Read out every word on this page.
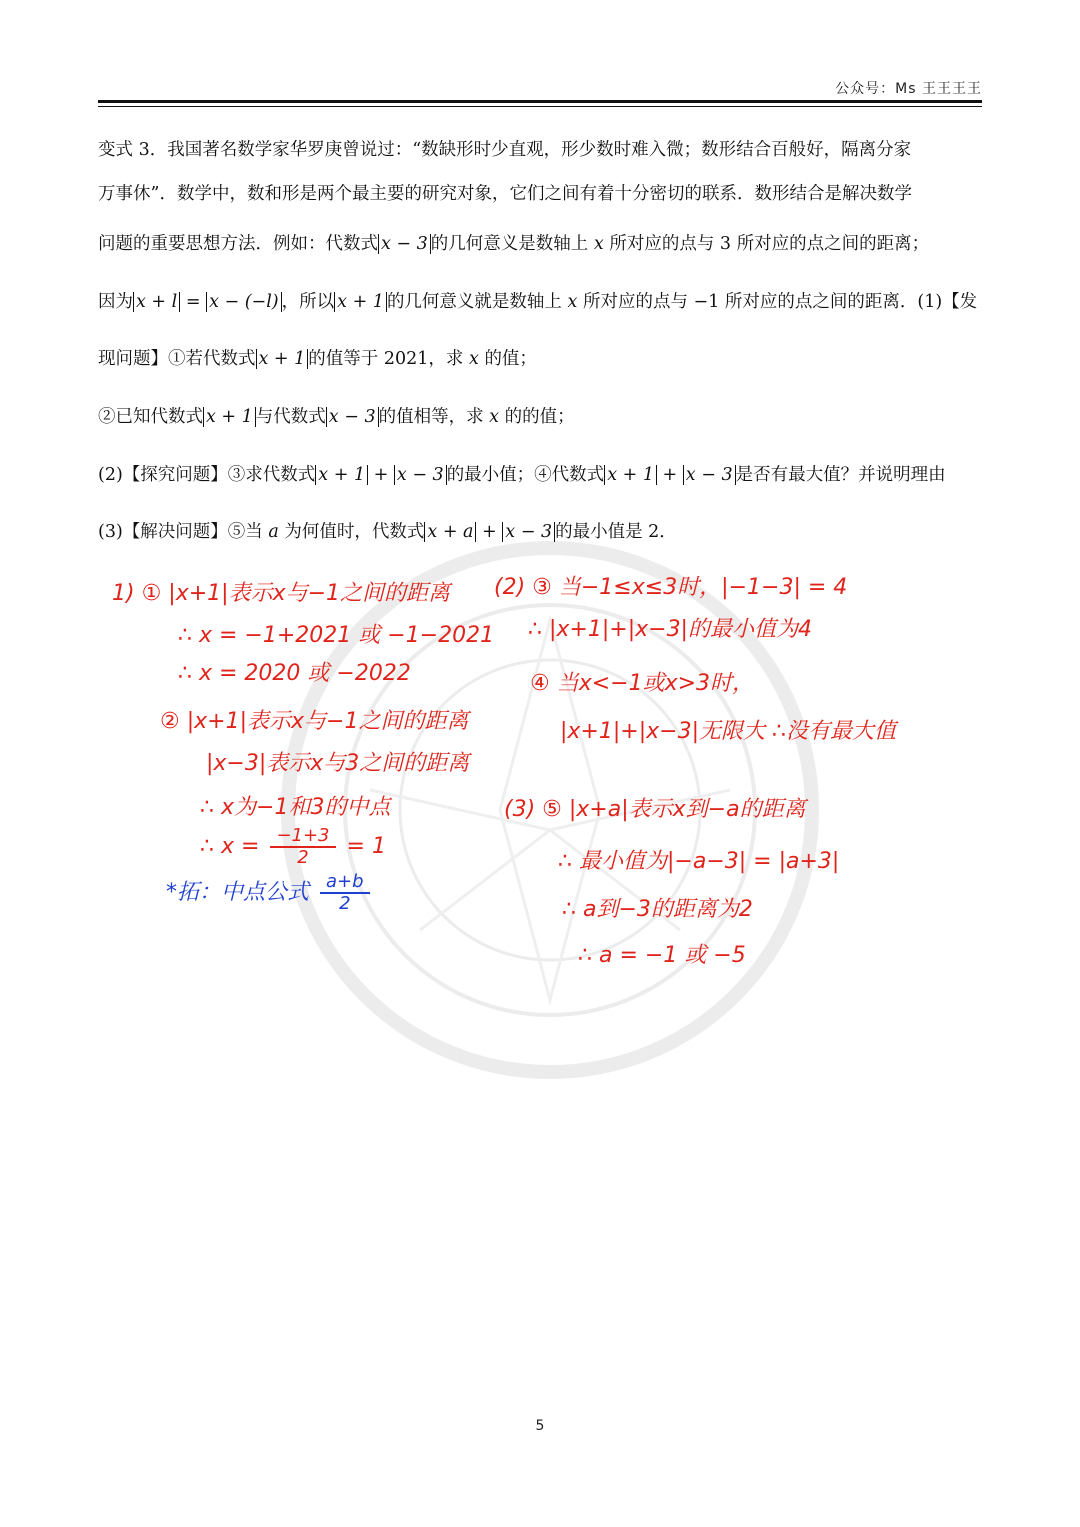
公众号：Ms 王王王王
变式 3．我国著名数学家华罗庚曾说过：“数缺形时少直观，形少数时难入微；数形结合百般好，隔离分家
万事休”．数学中，数和形是两个最主要的研究对象，它们之间有着十分密切的联系．数形结合是解决数学
问题的重要思想方法．例如：代数式 x − 3 的几何意义是数轴上 x 所对应的点与 3 所对应的点之间的距离；
因为 x + l = x − (−l) ，所以 x + 1 的几何意义就是数轴上 x 所对应的点与 −1 所对应的点之间的距离．(1)【发
现问题】①若代数式 x + 1 的值等于 2021，求 x 的值；
②已知代数式 x + 1 与代数式 x − 3 的值相等，求 x 的的值；
(2)【探究问题】③求代数式 x + 1 + x − 3 的最小值；④代数式 x + 1 + x − 3 是否有最大值？并说明理由
(3)【解决问题】⑤当 a 为何值时，代数式 x + a + x − 3 的最小值是 2．
1) ① |x+1|表示x与−1之间的距离
∴ x = −1+2021 或 −1−2021
∴ x = 2020 或 −2022
② |x+1|表示x与−1之间的距离
|x−3|表示x与3之间的距离
∴ x为−1和3的中点
∴ $x = \frac{-1+3}{2} = 1$
*拓：中点公式 $\frac{a+b}{2}$
(2) ③ 当−1≤x≤3时，|−1−3| = 4
∴ |x+1|+|x−3|的最小值为4
④ 当x<−1或x>3时，
|x+1|+|x−3|无限大 ∴没有最大值
(3) ⑤ |x+a|表示x到−a的距离
∴ 最小值为|−a−3| = |a+3|
∴ a到−3的距离为2
∴ a = −1 或 −5
5
